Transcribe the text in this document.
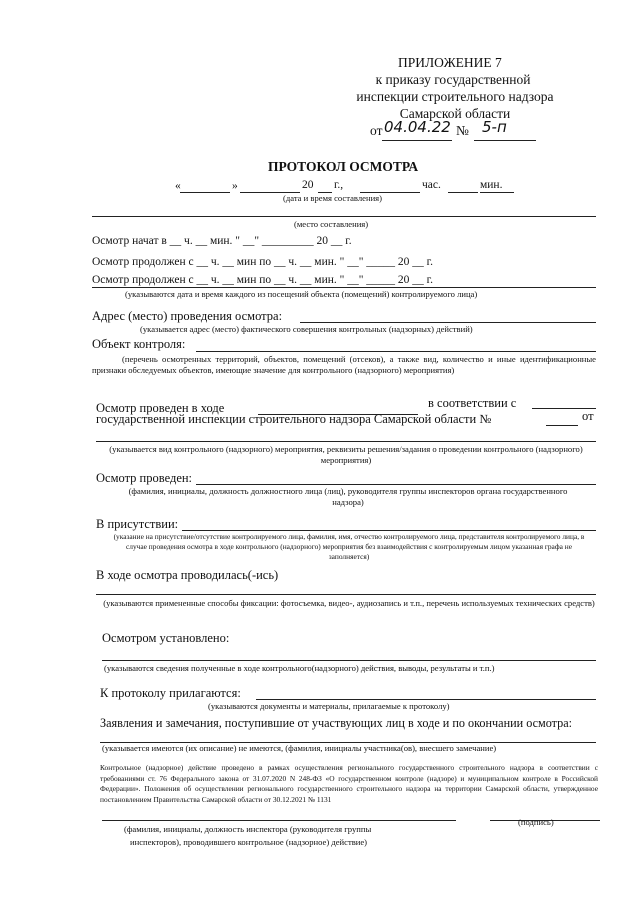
ПРИЛОЖЕНИЕ 7
к приказу государственной
инспекции строительного надзора
Самарской области
от 04.04.22 № 5-п
ПРОТОКОЛ ОСМОТРА
«	»	20 г.,	час.	мин.
(дата и время составления)
(место составления)
Осмотр начат в __ ч. __ мин. " __" _________ 20 __ г.
Осмотр продолжен с __ ч. __ мин по __ ч. __ мин. " __" _____ 20 __ г.
Осмотр продолжен с __ ч. __ мин по __ ч. __ мин. " __" _____ 20 __ г.
(указываются дата и время каждого из посещений объекта (помещений) контролируемого лица)
Адрес (место) проведения осмотра:
(указывается адрес (место) фактического совершения контрольных (надзорных) действий)
Объект контроля:
(перечень осмотренных территорий, объектов, помещений (отсеков), а также вид, количество и иные идентификационные признаки обследуемых объектов, имеющие значение для контрольного (надзорного) мероприятия)
Осмотр проведен в ходе	в соответствии с
государственной инспекции строительного надзора Самарской области №	от
(указывается вид контрольного (надзорного) мероприятия, реквизиты решения/задания о проведении контрольного (надзорного) мероприятия)
Осмотр проведен:
(фамилия, инициалы, должность должностного лица (лиц), руководителя группы инспекторов органа государственного надзора)
В присутствии:
(указание на присутствие/отсутствие контролируемого лица, фамилия, имя, отчество контролируемого лица, представителя контролируемого лица, в случае проведения осмотра в ходе контрольного (надзорного) мероприятия без взаимодействия с контролируемым лицом указанная графа не заполняется)
В ходе осмотра проводилась(-ись)
(указываются примененные способы фиксации: фотосъемка, видео-, аудиозапись и т.п., перечень используемых технических средств)
Осмотром установлено:
(указываются сведения полученные в ходе контрольного(надзорного) действия, выводы, результаты и т.п.)
К протоколу прилагаются:
(указываются документы и материалы, прилагаемые к протоколу)
Заявления и замечания, поступившие от участвующих лиц в ходе и по окончании осмотра:
(указывается имеются (их описание) не имеются, (фамилия, инициалы участника(ов), внесшего замечание)
Контрольное (надзорное) действие проведено в рамках осуществления регионального государственного строительного надзора в соответствии с требованиями ст. 76 Федерального закона от 31.07.2020 N 248-ФЗ «О государственном контроле (надзоре) и муниципальном контроле в Российской Федерации». Положения об осуществлении регионального государственного строительного надзора на территории Самарской области, утвержденное постановлением Правительства Самарской области от 30.12.2021 № 1131
(фамилия, инициалы, должность инспектора (руководителя группы
(подпись)
инспекторов), проводившего контрольное (надзорное) действие)
